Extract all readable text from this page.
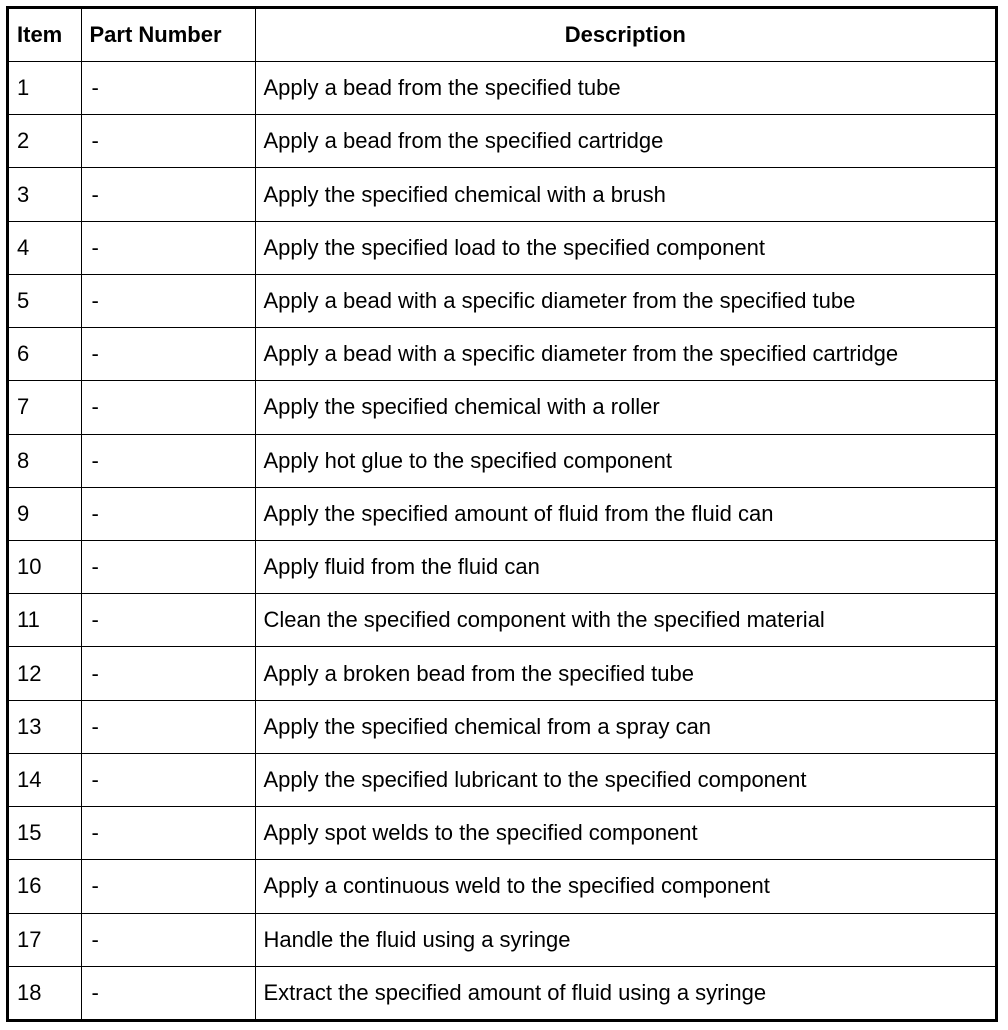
Item	Part Number	Description
1	-	Apply a bead from the specified tube
2	-	Apply a bead from the specified cartridge
3	-	Apply the specified chemical with a brush
4	-	Apply the specified load to the specified component
5	-	Apply a bead with a specific diameter from the specified tube
6	-	Apply a bead with a specific diameter from the specified cartridge
7	-	Apply the specified chemical with a roller
8	-	Apply hot glue to the specified component
9	-	Apply the specified amount of fluid from the fluid can
10	-	Apply fluid from the fluid can
11	-	Clean the specified component with the specified material
12	-	Apply a broken bead from the specified tube
13	-	Apply the specified chemical from a spray can
14	-	Apply the specified lubricant to the specified component
15	-	Apply spot welds to the specified component
16	-	Apply a continuous weld to the specified component
17	-	Handle the fluid using a syringe
18	-	Extract the specified amount of fluid using a syringe
